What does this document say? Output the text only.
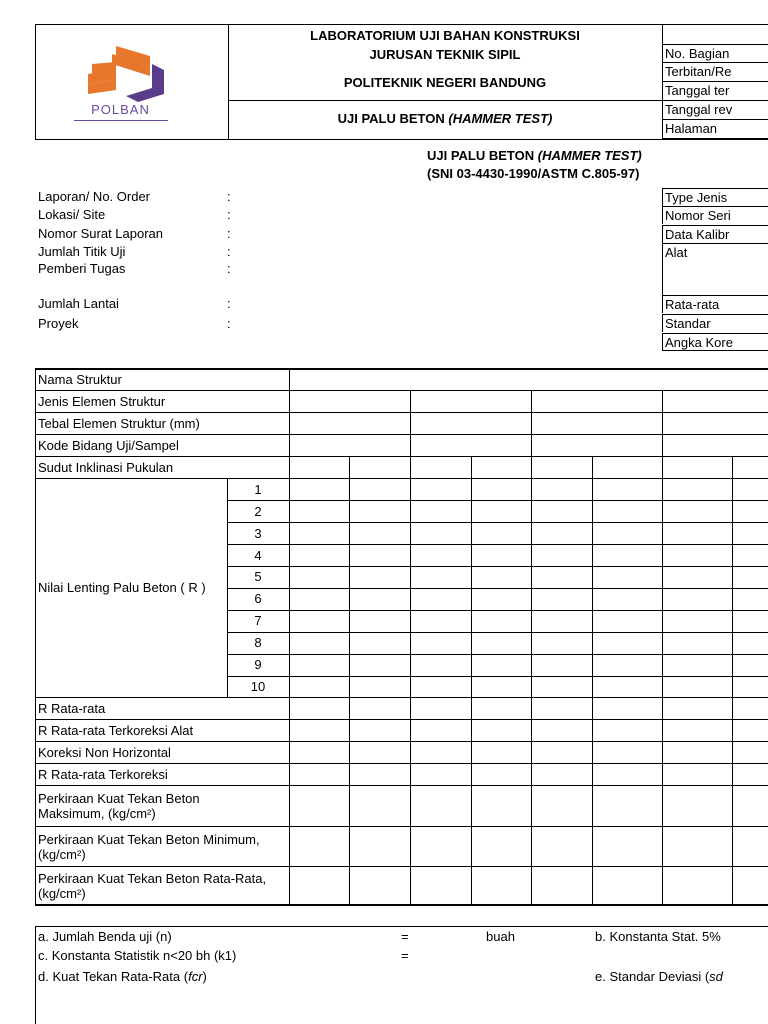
POLBAN
LABORATORIUM UJI BAHAN KONSTRUKSI
JURUSAN TEKNIK SIPIL
POLITEKNIK NEGERI BANDUNG
UJI PALU BETON (HAMMER TEST)
No. Bagian
Terbitan/Re
Tanggal ter
Tanggal rev
Halaman
UJI PALU BETON (HAMMER TEST)
(SNI 03-4430-1990/ASTM C.805-97)
Laporan/ No. Order	:
Lokasi/ Site	:
Nomor Surat Laporan	:
Jumlah Titik Uji	:
Pemberi Tugas	:
Jumlah Lantai	:
Proyek	:
Type Jenis
Nomor Seri
Data Kalibr
Alat
Rata-rata
Standar
Angka Kore
Nama Struktur
Jenis Elemen Struktur
Tebal Elemen Struktur (mm)
Kode Bidang Uji/Sampel
Sudut Inklinasi Pukulan
Nilai Lenting Palu Beton ( R )
1
2
3
4
5
6
7
8
9
10
R Rata-rata
R Rata-rata Terkoreksi Alat
Koreksi Non Horizontal
R Rata-rata Terkoreksi
Perkiraan Kuat Tekan Beton
Maksimum, (kg/cm²)
Perkiraan Kuat Tekan Beton Minimum,
(kg/cm²)
Perkiraan Kuat Tekan Beton Rata-Rata,
(kg/cm²)
a. Jumlah Benda uji (n)	=	buah	b. Konstanta Stat. 5%
c. Konstanta Statistik n<20 bh (k1)	=
d. Kuat Tekan Rata-Rata (fcr)	e. Standar Deviasi (sd
